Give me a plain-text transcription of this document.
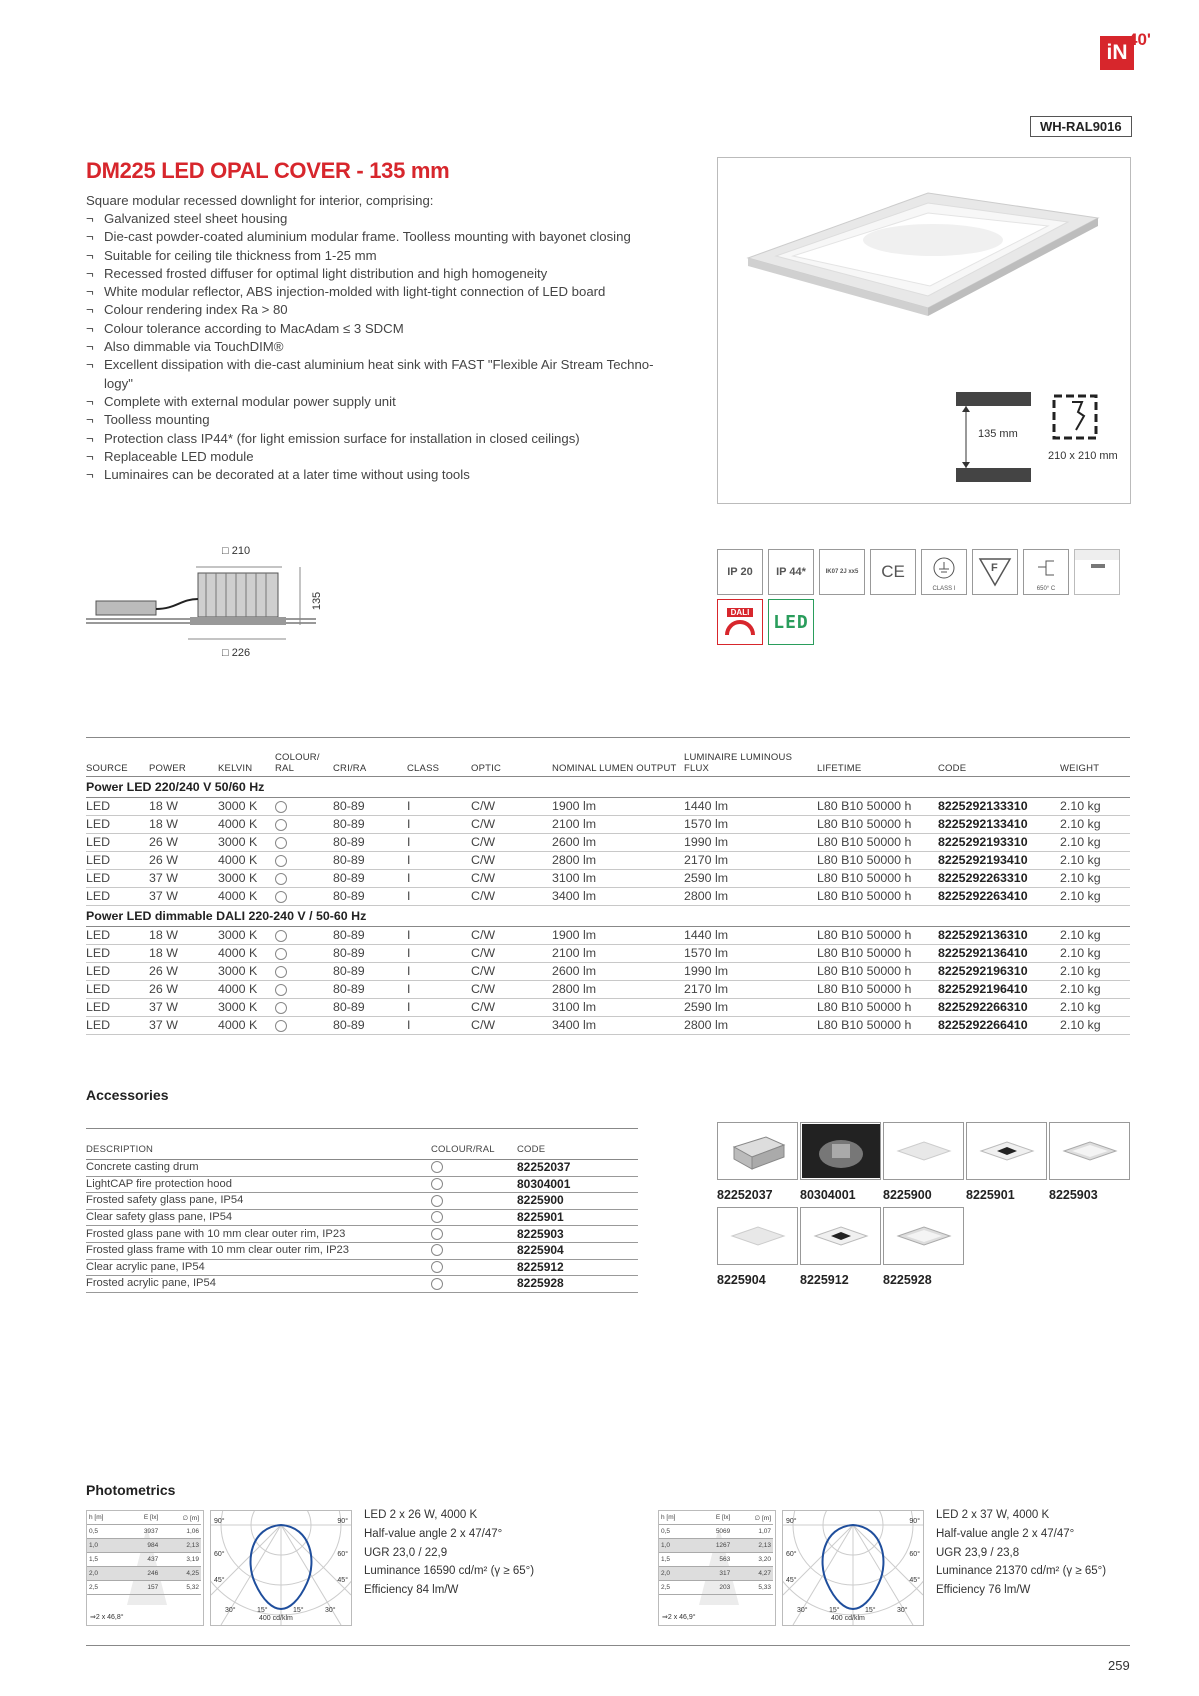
iN
40'
WH-RAL9016
DM225 LED OPAL COVER - 135 mm
Square modular recessed downlight for interior, comprising:
¬ Galvanized steel sheet housing
¬ Die-cast powder-coated aluminium modular frame. Toolless mounting with bayonet closing
¬ Suitable for ceiling tile thickness from 1-25 mm
¬ Recessed frosted diffuser for optimal light distribution and high homogeneity
¬ White modular reflector, ABS injection-molded with light-tight connection of LED board
¬ Colour rendering index Ra > 80
¬ Colour tolerance according to MacAdam ≤ 3 SDCM
¬ Also dimmable via TouchDIM®
¬ Excellent dissipation with die-cast aluminium heat sink with FAST "Flexible Air Stream Techno-logy"
¬ Complete with external modular power supply unit
¬ Toolless mounting
¬ Protection class IP44* (for light emission surface for installation in closed ceilings)
¬ Replaceable LED module
¬ Luminaires can be decorated at a later time without using tools
135 mm
210 x 210 mm
□ 210
135
□ 226
IP 20	IP 44*	IK07 2J xx5	CE
CLASS I
F
650° C
DALI LED
SOURCE	POWER	KELVIN	COLOUR/
RAL	CRI/RA	CLASS	OPTIC	NOMINAL LUMEN OUTPUT	LUMINAIRE LUMINOUS FLUX	LIFETIME	CODE	WEIGHT
Power LED 220/240 V 50/60 Hz											
LED	18 W	3000 K		80-89	I	C/W	1900 lm	1440 lm	L80 B10 50000 h	8225292133310	2.10 kg
LED	18 W	4000 K		80-89	I	C/W	2100 lm	1570 lm	L80 B10 50000 h	8225292133410	2.10 kg
LED	26 W	3000 K		80-89	I	C/W	2600 lm	1990 lm	L80 B10 50000 h	8225292193310	2.10 kg
LED	26 W	4000 K		80-89	I	C/W	2800 lm	2170 lm	L80 B10 50000 h	8225292193410	2.10 kg
LED	37 W	3000 K		80-89	I	C/W	3100 lm	2590 lm	L80 B10 50000 h	8225292263310	2.10 kg
LED	37 W	4000 K		80-89	I	C/W	3400 lm	2800 lm	L80 B10 50000 h	8225292263410	2.10 kg
Power LED dimmable DALI 220-240 V / 50-60 Hz											
LED	18 W	3000 K		80-89	I	C/W	1900 lm	1440 lm	L80 B10 50000 h	8225292136310	2.10 kg
LED	18 W	4000 K		80-89	I	C/W	2100 lm	1570 lm	L80 B10 50000 h	8225292136410	2.10 kg
LED	26 W	3000 K		80-89	I	C/W	2600 lm	1990 lm	L80 B10 50000 h	8225292196310	2.10 kg
LED	26 W	4000 K		80-89	I	C/W	2800 lm	2170 lm	L80 B10 50000 h	8225292196410	2.10 kg
LED	37 W	3000 K		80-89	I	C/W	3100 lm	2590 lm	L80 B10 50000 h	8225292266310	2.10 kg
LED	37 W	4000 K		80-89	I	C/W	3400 lm	2800 lm	L80 B10 50000 h	8225292266410	2.10 kg
Accessories
DESCRIPTION	COLOUR/RAL	CODE
Concrete casting drum		82252037
LightCAP fire protection hood		80304001
Frosted safety glass pane, IP54		8225900
Clear safety glass pane, IP54		8225901
Frosted glass pane with 10 mm clear outer rim, IP23		8225903
Frosted glass frame with 10 mm clear outer rim, IP23		8225904
Clear acrylic pane, IP54		8225912
Frosted acrylic pane, IP54		8225928
82252037	80304001	8225900	8225901	8225903
8225904	8225912	8225928
Photometrics
h [m]	E [lx]	∅ [m]
0,5	3937	1,06
1,0	984	2,13
1,5	437	3,19
2,0	246	4,25
2,5	157	5,32
⇒2 x 46,8°
90°	90°
60°	60°
45°	45°
30°	15°	15°	30°
400 cd/klm
LED 2 x 26 W, 4000 K
Half-value angle 2 x 47/47°
UGR 23,0 / 22,9
Luminance 16590 cd/m² (γ ≥ 65°)
Efficiency 84 lm/W
h [m]	E [lx]	∅ [m]
0,5	5069	1,07
1,0	1267	2,13
1,5	563	3,20
2,0	317	4,27
2,5	203	5,33
⇒2 x 46,9°
90°	90°
60°	60°
45°	45°
30°	15°	15°	30°
400 cd/klm
LED 2 x 37 W, 4000 K
Half-value angle 2 x 47/47°
UGR 23,9 / 23,8
Luminance 21370 cd/m² (γ ≥ 65°)
Efficiency 76 lm/W
259
